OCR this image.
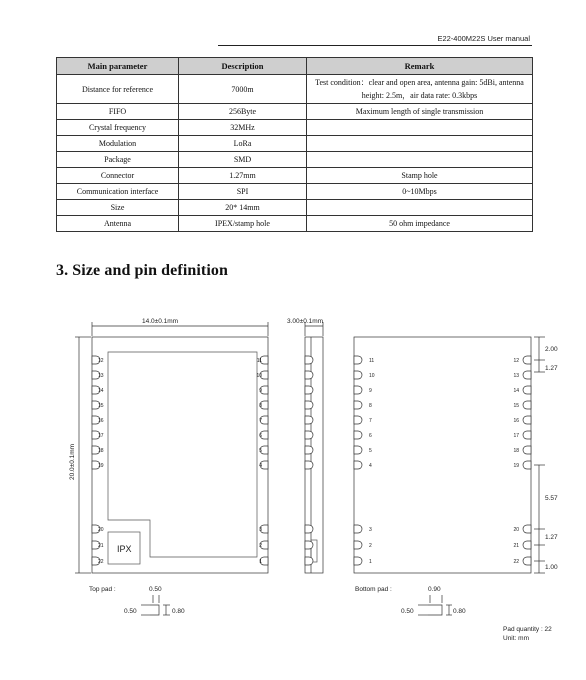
E22-400M22S User manual
Main parameter	Description	Remark
Distance for reference	7000m	Test condition：clear and open area, antenna gain: 5dBi, antenna height: 2.5m，air data rate: 0.3kbps
FIFO	256Byte	Maximum length of single transmission
Crystal frequency	32MHz	
Modulation	LoRa	
Package	SMD	
Connector	1.27mm	Stamp hole
Communication interface	SPI	0~10Mbps
Size	20* 14mm	
Antenna	IPEX/stamp hole	50 ohm impedance
3. Size and pin definition
14.0±0.1mm	3.00±0.1mm
20.0±0.1mm
IPX
2.00
1.27
5.57
1.27
1.00
Top pad :	0.50
0.50	0.80
Bottom pad :	0.90
0.50	0.80
Pad quantity : 22
Unit: mm
12
13
14
15
16
17
18
19
20
21
22
11
10
9
8
7
6
5
4
3
2
1
11
10
9
8
7
6
5
4
3
2
1
12
13
14
15
16
17
18
19
20
21
22
